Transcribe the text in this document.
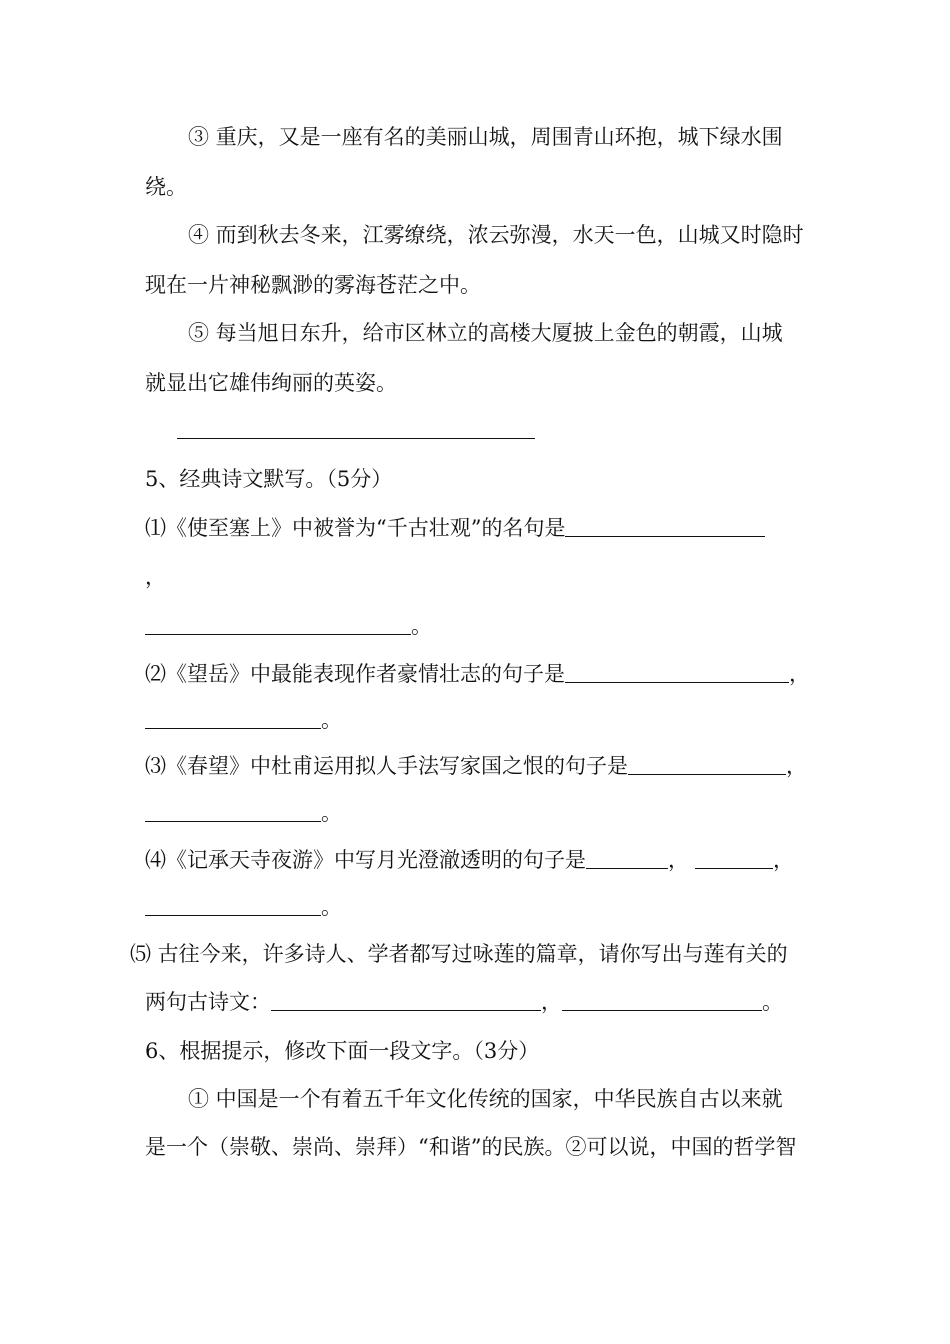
③ 重庆，又是一座有名的美丽山城，周围青山环抱，城下绿水围

绕。

④ 而到秋去冬来，江雾缭绕，浓云弥漫，水天一色，山城又时隐时

现在一片神秘飘渺的雾海苍茫之中。

⑤ 每当旭日东升，给市区林立的高楼大厦披上金色的朝霞，山城

就显出它雄伟绚丽的英姿。

5、经典诗文默写。（5分）

⑴《使至塞上》中被誉为“千古壮观”的名句是

，

。

⑵《望岳》中最能表现作者豪情壮志的句子是	，

。

⑶《春望》中杜甫运用拟人手法写家国之恨的句子是	，

。

⑷《记承天寺夜游》中写月光澄澈透明的句子是	，	，

。

⑸ 古往今来，许多诗人、学者都写过咏莲的篇章，请你写出与莲有关的

两句古诗文：	，	。

6、根据提示，修改下面一段文字。（3分）

① 中国是一个有着五千年文化传统的国家，中华民族自古以来就

是一个（崇敬、崇尚、崇拜）“和谐”的民族。②可以说，中国的哲学智
